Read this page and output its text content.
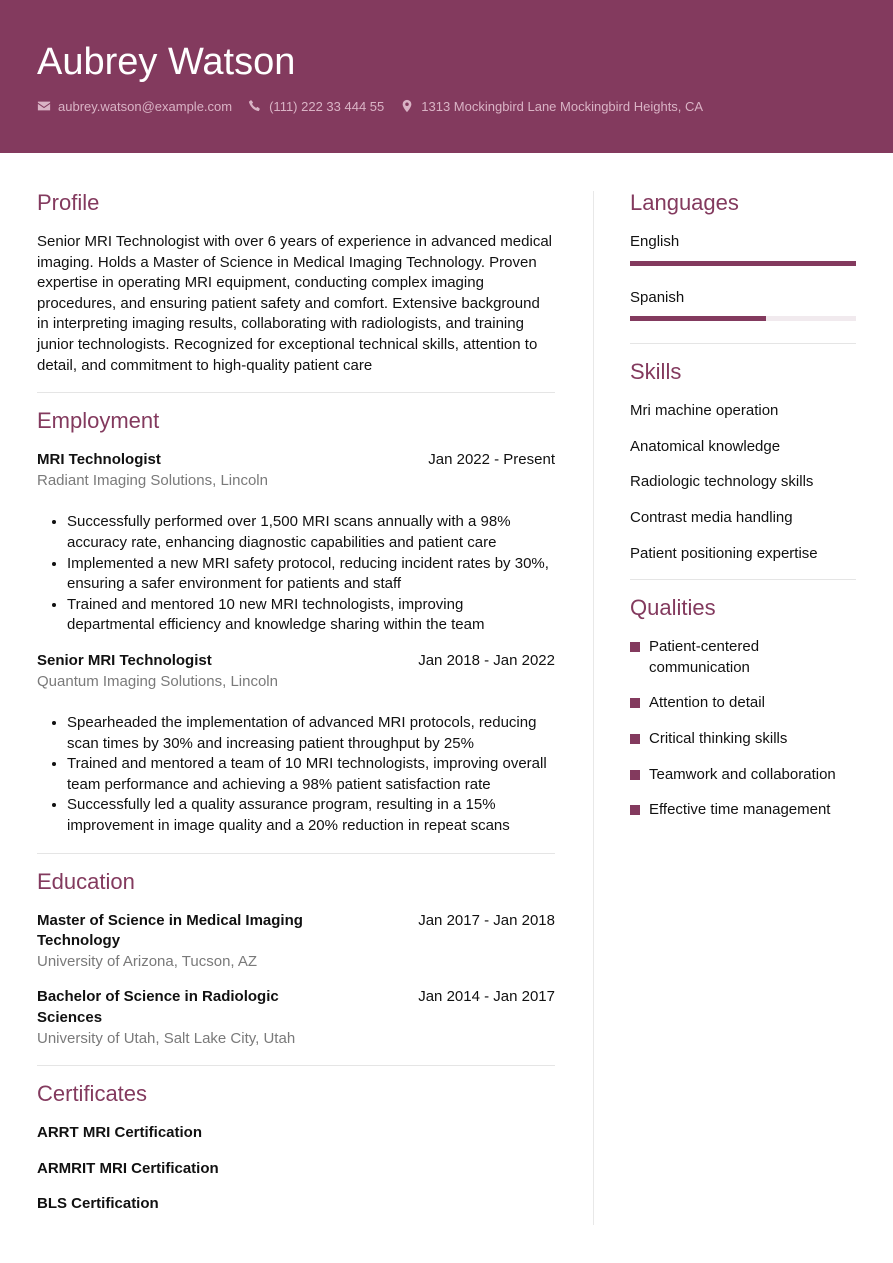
Aubrey Watson
aubrey.watson@example.com	(111) 222 33 444 55	1313 Mockingbird Lane Mockingbird Heights, CA
Profile

Senior MRI Technologist with over 6 years of experience in advanced medical imaging. Holds a Master of Science in Medical Imaging Technology. Proven expertise in operating MRI equipment, conducting complex imaging procedures, and ensuring patient safety and comfort. Extensive background in interpreting imaging results, collaborating with radiologists, and training junior technologists. Recognized for exceptional technical skills, attention to detail, and commitment to high-quality patient care

Employment
MRI Technologist	Jan 2022 - Present
Radiant Imaging Solutions, Lincoln
• Successfully performed over 1,500 MRI scans annually with a 98% accuracy rate, enhancing diagnostic capabilities and patient care
• Implemented a new MRI safety protocol, reducing incident rates by 30%, ensuring a safer environment for patients and staff
• Trained and mentored 10 new MRI technologists, improving departmental efficiency and knowledge sharing within the team
Senior MRI Technologist	Jan 2018 - Jan 2022
Quantum Imaging Solutions, Lincoln
• Spearheaded the implementation of advanced MRI protocols, reducing scan times by 30% and increasing patient throughput by 25%
• Trained and mentored a team of 10 MRI technologists, improving overall team performance and achieving a 98% patient satisfaction rate
• Successfully led a quality assurance program, resulting in a 15% improvement in image quality and a 20% reduction in repeat scans
Education
Master of Science in Medical Imaging Technology
Jan 2017 - Jan 2018
University of Arizona, Tucson, AZ
Bachelor of Science in Radiologic Sciences
Jan 2014 - Jan 2017
University of Utah, Salt Lake City, Utah
Certificates
ARRT MRI Certification
ARMRIT MRI Certification
BLS Certification
Languages
English
Spanish
Skills
Mri machine operation
Anatomical knowledge
Radiologic technology skills
Contrast media handling
Patient positioning expertise
Qualities
Patient-centered communication
Attention to detail
Critical thinking skills
Teamwork and collaboration
Effective time management
